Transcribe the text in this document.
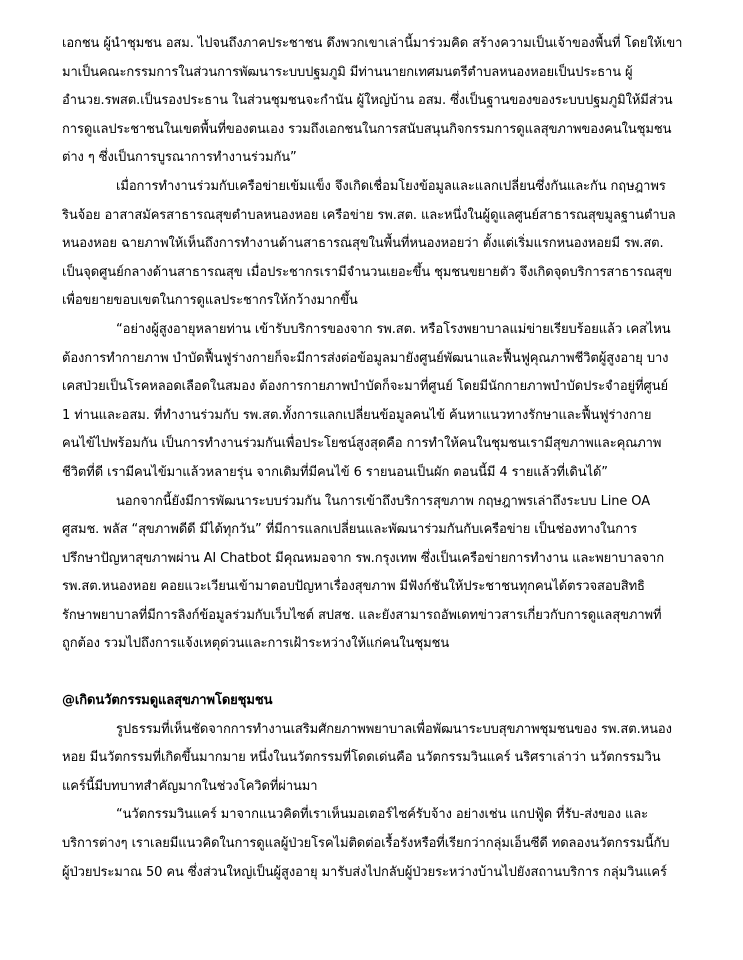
เอกชน ผู้นำชุมชน อสม. ไปจนถึงภาคประชาชน ดึงพวกเขาเล่านี้มาร่วมคิด สร้างความเป็นเจ้าของพื้นที่ โดยให้เขา
มาเป็นคณะกรรมการในส่วนการพัฒนาระบบปฐมภูมิ มีท่านนายกเทศมนตรีตำบลหนองหอยเป็นประธาน ผู้
อำนวย.รพสต.เป็นรองประธาน ในส่วนชุมชนจะกำนัน ผู้ใหญ่บ้าน อสม. ซึ่งเป็นฐานของของระบบปฐมภูมิให้มีส่วน
การดูแลประชาชนในเขตพื้นที่ของตนเอง รวมถึงเอกชนในการสนับสนุนกิจกรรมการดูแลสุขภาพของคนในชุมชน
ต่าง ๆ ซึ่งเป็นการบูรณาการทำงานร่วมกัน”
เมื่อการทำงานร่วมกับเครือข่ายเข้มแข็ง จึงเกิดเชื่อมโยงข้อมูลและแลกเปลี่ยนซึ่งกันและกัน กฤษฎาพร
รินจ้อย อาสาสมัครสาธารณสุขตำบลหนองหอย เครือข่าย รพ.สต. และหนึ่งในผู้ดูแลศูนย์สาธารณสุขมูลฐานตำบล
หนองหอย ฉายภาพให้เห็นถึงการทำงานด้านสาธารณสุขในพื้นที่หนองหอยว่า ตั้งแต่เริ่มแรกหนองหอยมี รพ.สต.
เป็นจุดศูนย์กลางด้านสาธารณสุข เมื่อประชากรเรามีจำนวนเยอะขึ้น ชุมชนขยายตัว จึงเกิดจุดบริการสาธารณสุข
เพื่อขยายขอบเขตในการดูแลประชากรให้กว้างมากขึ้น
“อย่างผู้สูงอายุหลายท่าน เข้ารับบริการของจาก รพ.สต. หรือโรงพยาบาลแม่ข่ายเรียบร้อยแล้ว เคสไหน
ต้องการทำกายภาพ บำบัดฟื้นฟูร่างกายก็จะมีการส่งต่อข้อมูลมายังศูนย์พัฒนาและฟื้นฟูคุณภาพชีวิตผู้สูงอายุ บาง
เคสป่วยเป็นโรคหลอดเลือดในสมอง ต้องการกายภาพบำบัดก็จะมาที่ศูนย์ โดยมีนักกายภาพบำบัดประจำอยู่ที่ศูนย์
1 ท่านและอสม. ที่ทำงานร่วมกับ รพ.สต.ทั้งการแลกเปลี่ยนข้อมูลคนไข้ ค้นหาแนวทางรักษาและฟื้นฟูร่างกาย
คนไข้ไปพร้อมกัน เป็นการทำงานร่วมกันเพื่อประโยชน์สูงสุดคือ การทำให้คนในชุมชนเรามีสุขภาพและคุณภาพ
ชีวิตที่ดี เรามีคนไข้มาแล้วหลายรุ่น จากเดิมที่มีคนไข้ 6 รายนอนเป็นผัก ตอนนี้มี 4 รายแล้วที่เดินได้”
นอกจากนี้ยังมีการพัฒนาระบบร่วมกัน ในการเข้าถึงบริการสุขภาพ กฤษฎาพรเล่าถึงระบบ Line OA
ศูสมช. พลัส “สุขภาพดีดี มีได้ทุกวัน” ที่มีการแลกเปลี่ยนและพัฒนาร่วมกันกับเครือข่าย เป็นช่องทางในการ
ปรึกษาปัญหาสุขภาพผ่าน AI Chatbot มีคุณหมอจาก รพ.กรุงเทพ ซึ่งเป็นเครือข่ายการทำงาน และพยาบาลจาก
รพ.สต.หนองหอย คอยแวะเวียนเข้ามาตอบปัญหาเรื่องสุขภาพ มีฟังก์ชันให้ประชาชนทุกคนได้ตรวจสอบสิทธิ
รักษาพยาบาลที่มีการลิงก์ข้อมูลร่วมกับเว็บไซต์ สปสช. และยังสามารถอัพเดทข่าวสารเกี่ยวกับการดูแลสุขภาพที่
ถูกต้อง รวมไปถึงการแจ้งเหตุด่วนและการเฝ้าระหว่างให้แก่คนในชุมชน
@เกิดนวัตกรรมดูแลสุขภาพโดยชุมชน
รูปธรรมที่เห็นชัดจากการทำงานเสริมศักยภาพพยาบาลเพื่อพัฒนาระบบสุขภาพชุมชนของ รพ.สต.หนอง
หอย มีนวัตกรรมที่เกิดขึ้นมากมาย หนึ่งในนวัตกรรมที่โดดเด่นคือ นวัตกรรมวินแคร์ นริศราเล่าว่า นวัตกรรมวิน
แคร์นี้มีบทบาทสำคัญมากในช่วงโควิดที่ผ่านมา
“นวัตกรรมวินแคร์ มาจากแนวคิดที่เราเห็นมอเตอร์ไซค์รับจ้าง อย่างเช่น แกปฟู้ด ที่รับ-ส่งของ และ
บริการต่างๆ เราเลยมีแนวคิดในการดูแลผู้ป่วยโรคไม่ติดต่อเรื้อรังหรือที่เรียกว่ากลุ่มเอ็นซีดี ทดลองนวัตกรรมนี้กับ
ผู้ป่วยประมาณ 50 คน ซึ่งส่วนใหญ่เป็นผู้สูงอายุ มารับส่งไปกลับผู้ป่วยระหว่างบ้านไปยังสถานบริการ กลุ่มวินแคร์
